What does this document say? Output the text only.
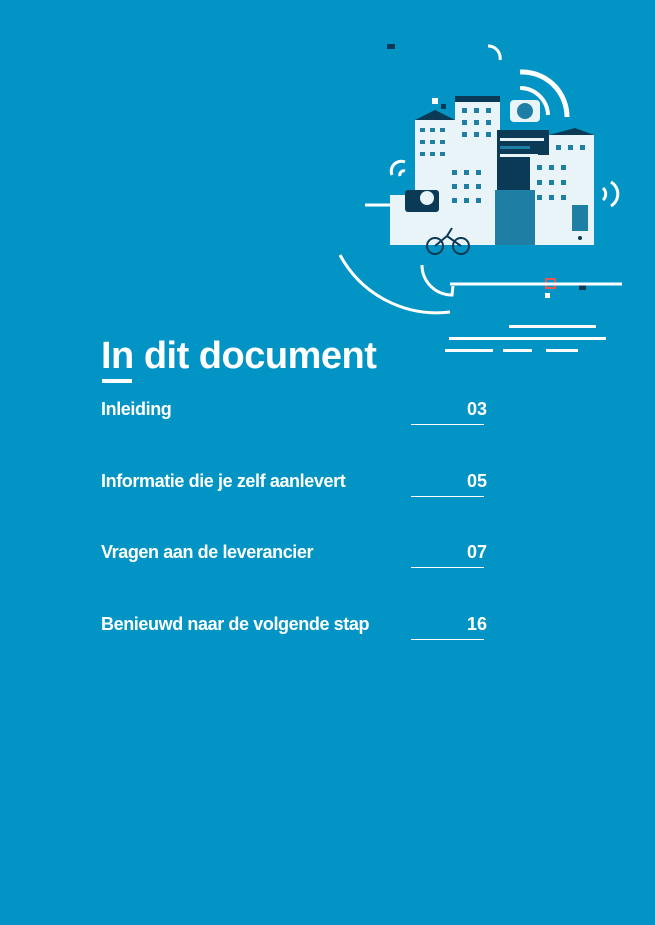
In dit document
Inleiding	03
Informatie die je zelf aanlevert	05
Vragen aan de leverancier	07
Benieuwd naar de volgende stap	16
